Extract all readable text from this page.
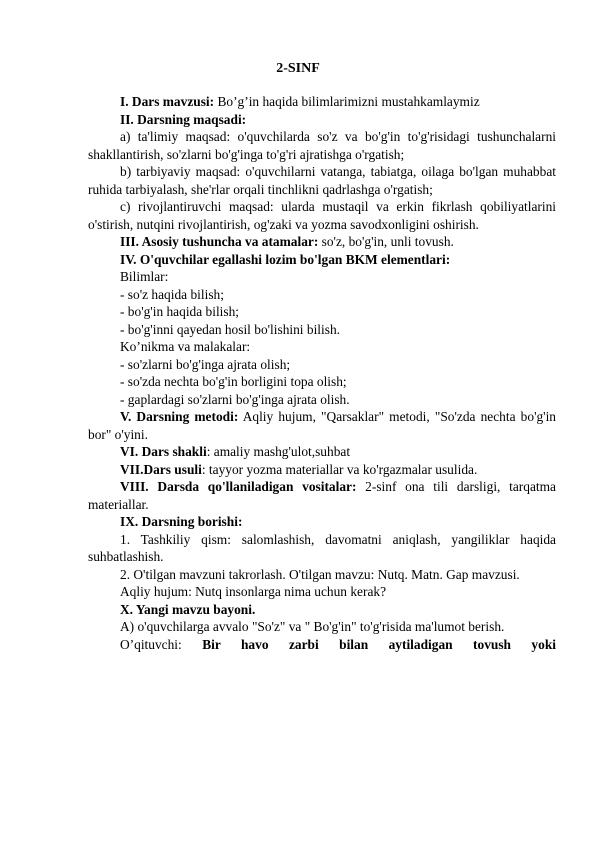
2-SINF

I. Dars mavzusi: Bo’g’in haqida bilimlarimizni mustahkamlaymiz

II. Darsning maqsadi:

a) ta'limiy maqsad: o'quvchilarda so'z va bo'g'in to'g'risidagi tushunchalarni shakllantirish, so'zlarni bo'g'inga to'g'ri ajratishga o'rgatish;

b) tarbiyaviy maqsad: o'quvchilarni vatanga, tabiatga, oilaga bo'lgan muhabbat ruhida tarbiyalash, she'rlar orqali tinchlikni qadrlashga o'rgatish;

c) rivojlantiruvchi maqsad: ularda mustaqil va erkin fikrlash qobiliyatlarini o'stirish, nutqini rivojlantirish, og'zaki va yozma savodxonligini oshirish.

III. Asosiy tushuncha va atamalar: so'z, bo'g'in, unli tovush.

IV. O'quvchilar egallashi lozim bo'lgan BKM elementlari:

Bilimlar:

- so'z haqida bilish;

- bo'g'in haqida bilish;

- bo'g'inni qayedan hosil bo'lishini bilish.

Ko’nikma va malakalar:

- so'zlarni bo'g'inga ajrata olish;

- so'zda nechta bo'g'in borligini topa olish;

- gaplardagi so'zlarni bo'g'inga ajrata olish.

V. Darsning metodi: Aqliy hujum, "Qarsaklar" metodi, "So'zda nechta bo'g'in bor" o'yini.

VI. Dars shakli: amaliy mashg'ulot,suhbat

VII.Dars usuli: tayyor yozma materiallar va ko'rgazmalar usulida.

VIII. Darsda qo'llaniladigan vositalar: 2-sinf ona tili darsligi, tarqatma materiallar.

IX. Darsning borishi:

1. Tashkiliy qism: salomlashish, davomatni aniqlash, yangiliklar haqida suhbatlashish.

2. O'tilgan mavzuni takrorlash. O'tilgan mavzu: Nutq. Matn. Gap mavzusi.

Aqliy hujum: Nutq insonlarga nima uchun kerak?

X. Yangi mavzu bayoni.

A) o'quvchilarga avvalo "So'z" va " Bo'g'in" to'g'risida ma'lumot berish.

O’qituvchi: Bir havo zarbi bilan aytiladigan tovush yoki
